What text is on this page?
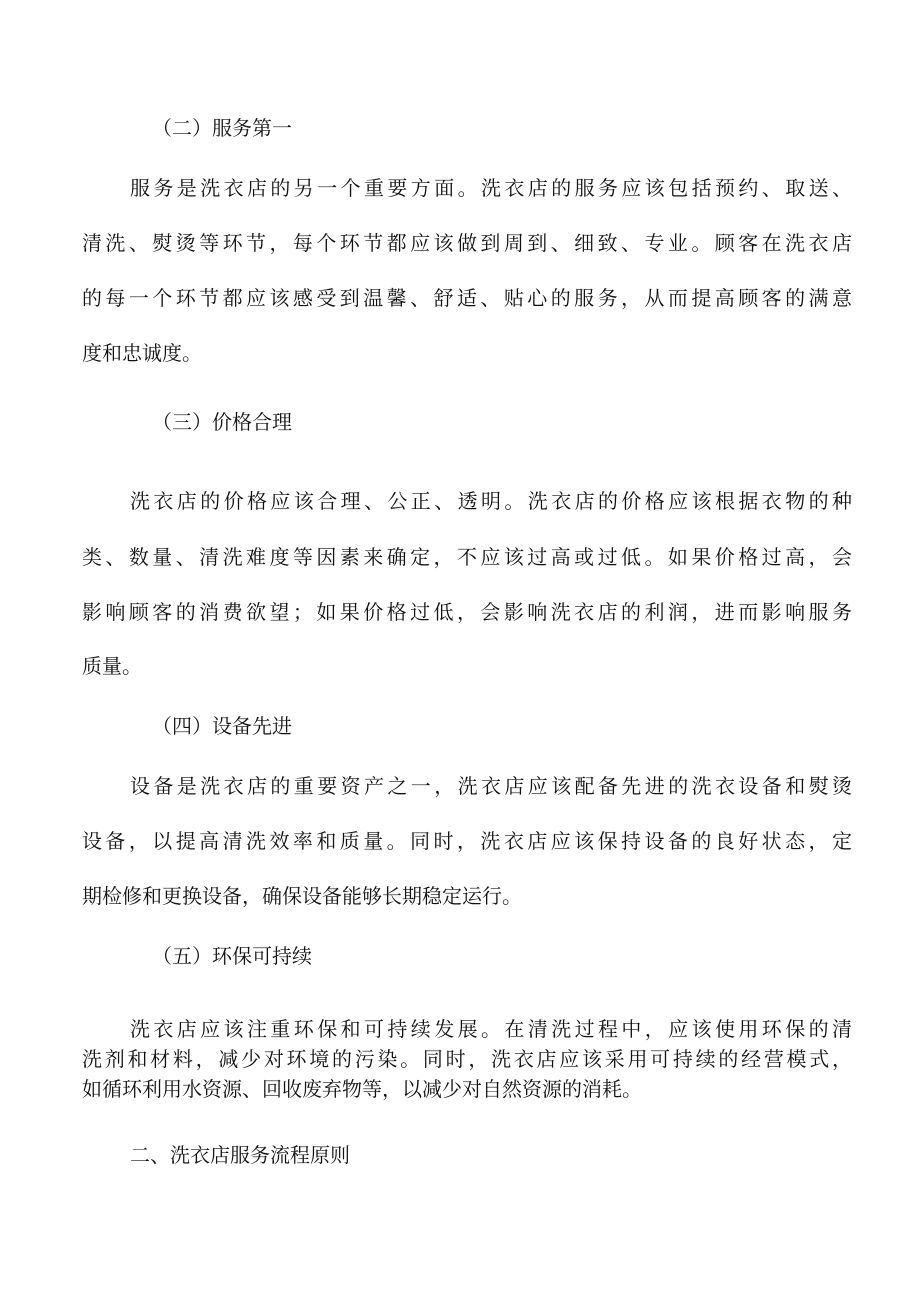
（二）服务第一
服务是洗衣店的另一个重要方面。洗衣店的服务应该包括预约、取送、
清洗、熨烫等环节，每个环节都应该做到周到、细致、专业。顾客在洗衣店
的每一个环节都应该感受到温馨、舒适、贴心的服务，从而提高顾客的满意
度和忠诚度。
（三）价格合理
洗衣店的价格应该合理、公正、透明。洗衣店的价格应该根据衣物的种
类、数量、清洗难度等因素来确定，不应该过高或过低。如果价格过高，会
影响顾客的消费欲望；如果价格过低，会影响洗衣店的利润，进而影响服务
质量。
（四）设备先进
设备是洗衣店的重要资产之一，洗衣店应该配备先进的洗衣设备和熨烫
设备，以提高清洗效率和质量。同时，洗衣店应该保持设备的良好状态，定
期检修和更换设备，确保设备能够长期稳定运行。
（五）环保可持续
洗衣店应该注重环保和可持续发展。在清洗过程中，应该使用环保的清
洗剂和材料，减少对环境的污染。同时，洗衣店应该采用可持续的经营模式，
如循环利用水资源、回收废弃物等，以减少对自然资源的消耗。
二、洗衣店服务流程原则
